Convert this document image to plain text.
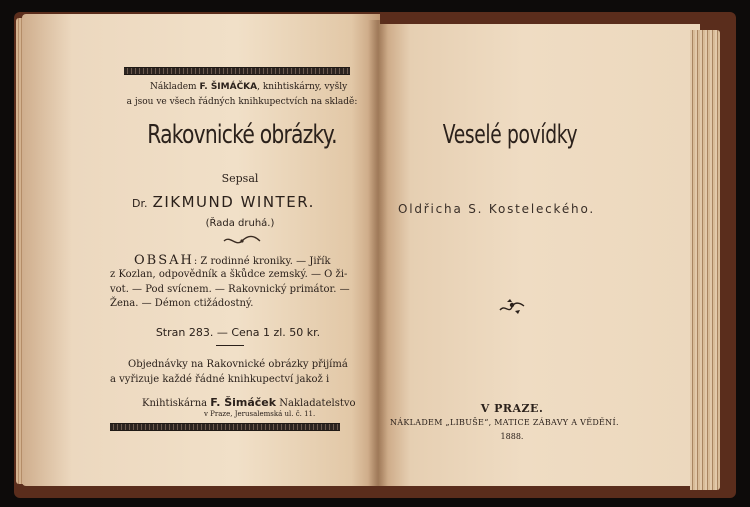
Nákladem F. ŠIMÁČKA, knihtiskárny, vyšly
a jsou ve všech řádných knihkupectvích na skladě:
Rakovnické obrázky.
Sepsal
Dr. ZIKMUND WINTER.
(Řada druhá.)
OBSAH: Z rodinné kroniky. — Jiřík
z Kozlan, odpovědník a škůdce zemský. — O ži-
vot. — Pod svícnem. — Rakovnický primátor. —
Žena. — Démon ctižádostný.
Stran 283. — Cena 1 zl. 50 kr.
Objednávky na Rakovnické obrázky přijímá
a vyřizuje každé řádné knihkupectví jakož i
Knihtiskárna F. Šimáček Nakladatelstvo
v Praze, Jerusalemská ul. č. 11.
Veselé povídky
Oldřicha S. Kosteleckého.
V PRAZE.
NÁKLADEM „LIBUŠE“, MATICE ZÁBAVY A VĚDĚNÍ.
1888.
